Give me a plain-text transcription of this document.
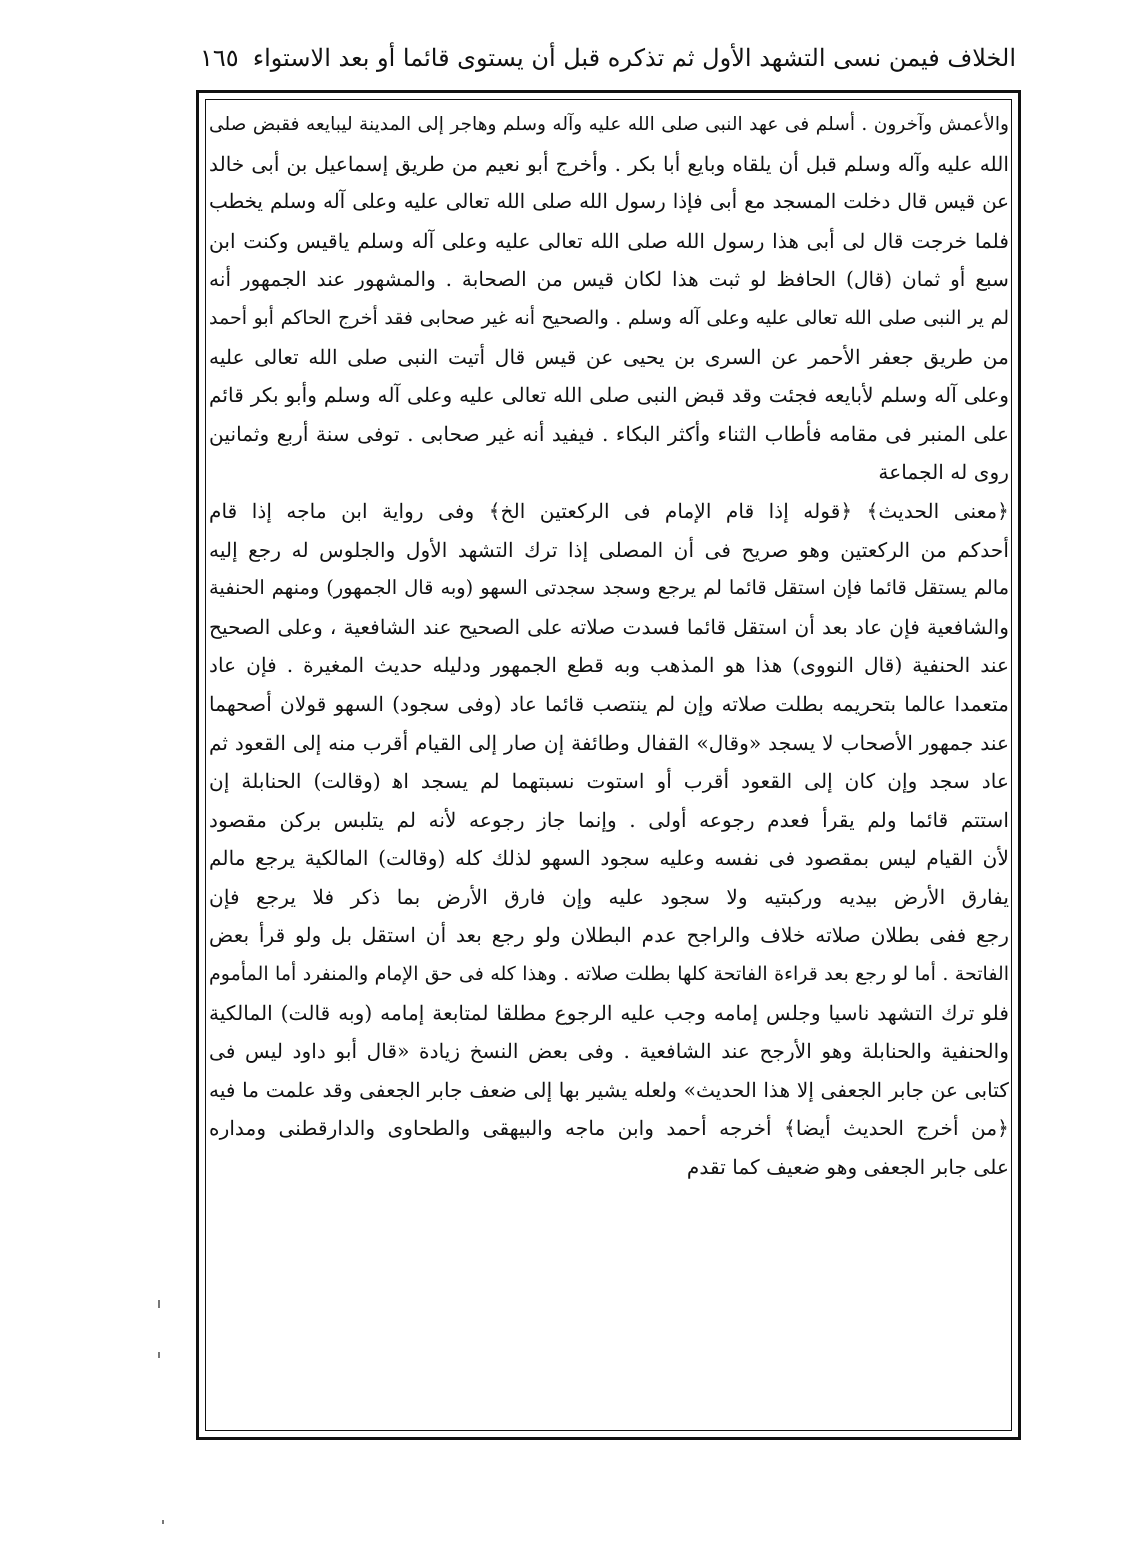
الخلاف فيمن نسى التشهد الأول ثم تذكره قبل أن يستوى قائما أو بعد الاستواء
١٦٥
والأعمش وآخرون . أسلم فى عهد النبى صلى الله عليه وآله وسلم وهاجر إلى المدينة ليبايعه فقبض صلى
الله عليه وآله وسلم قبل أن يلقاه وبايع أبا بكر . وأخرج أبو نعيم من طريق إسماعيل بن أبى خالد
عن قيس قال دخلت المسجد مع أبى فإذا رسول الله صلى الله تعالى عليه وعلى آله وسلم يخطب
فلما خرجت قال لى أبى هذا رسول الله صلى الله تعالى عليه وعلى آله وسلم ياقيس وكنت ابن
سبع أو ثمان (قال) الحافظ لو ثبت هذا لكان قيس من الصحابة . والمشهور عند الجمهور أنه
لم ير النبى صلى الله تعالى عليه وعلى آله وسلم . والصحيح أنه غير صحابى فقد أخرج الحاكم أبو أحمد
من طريق جعفر الأحمر عن السرى بن يحيى عن قيس قال أتيت النبى صلى الله تعالى عليه
وعلى آله وسلم لأبايعه فجئت وقد قبض النبى صلى الله تعالى عليه وعلى آله وسلم وأبو بكر قائم
على المنبر فى مقامه فأطاب الثناء وأكثر البكاء . فيفيد أنه غير صحابى . توفى سنة أربع وثمانين
روى له الجماعة
﴿معنى الحديث﴾ ﴿قوله إذا قام الإمام فى الركعتين الخ﴾ وفى رواية ابن ماجه إذا قام
أحدكم من الركعتين وهو صريح فى أن المصلى إذا ترك التشهد الأول والجلوس له رجع إليه
مالم يستقل قائما فإن استقل قائما لم يرجع وسجد سجدتى السهو (وبه قال الجمهور) ومنهم الحنفية
والشافعية فإن عاد بعد أن استقل قائما فسدت صلاته على الصحيح عند الشافعية ، وعلى الصحيح
عند الحنفية (قال النووى) هذا هو المذهب وبه قطع الجمهور ودليله حديث المغيرة . فإن عاد
متعمدا عالما بتحريمه بطلت صلاته وإن لم ينتصب قائما عاد (وفى سجود) السهو قولان أصحهما
عند جمهور الأصحاب لا يسجد «وقال» القفال وطائفة إن صار إلى القيام أقرب منه إلى القعود ثم
عاد سجد وإن كان إلى القعود أقرب أو استوت نسبتهما لم يسجد اه‍ (وقالت) الحنابلة إن
استتم قائما ولم يقرأ فعدم رجوعه أولى . وإنما جاز رجوعه لأنه لم يتلبس بركن مقصود
لأن القيام ليس بمقصود فى نفسه وعليه سجود السهو لذلك كله (وقالت) المالكية يرجع مالم
يفارق الأرض بيديه وركبتيه ولا سجود عليه وإن فارق الأرض بما ذكر فلا يرجع فإن
رجع ففى بطلان صلاته خلاف والراجح عدم البطلان ولو رجع بعد أن استقل بل ولو قرأ بعض
الفاتحة . أما لو رجع بعد قراءة الفاتحة كلها بطلت صلاته . وهذا كله فى حق الإمام والمنفرد أما المأموم
فلو ترك التشهد ناسيا وجلس إمامه وجب عليه الرجوع مطلقا لمتابعة إمامه (وبه قالت) المالكية
والحنفية والحنابلة وهو الأرجح عند الشافعية . وفى بعض النسخ زيادة «قال أبو داود ليس فى
كتابى عن جابر الجعفى إلا هذا الحديث» ولعله يشير بها إلى ضعف جابر الجعفى وقد علمت ما فيه
﴿من أخرج الحديث أيضا﴾ أخرجه أحمد وابن ماجه والبيهقى والطحاوى والدارقطنى ومداره
على جابر الجعفى وهو ضعيف كما تقدم
